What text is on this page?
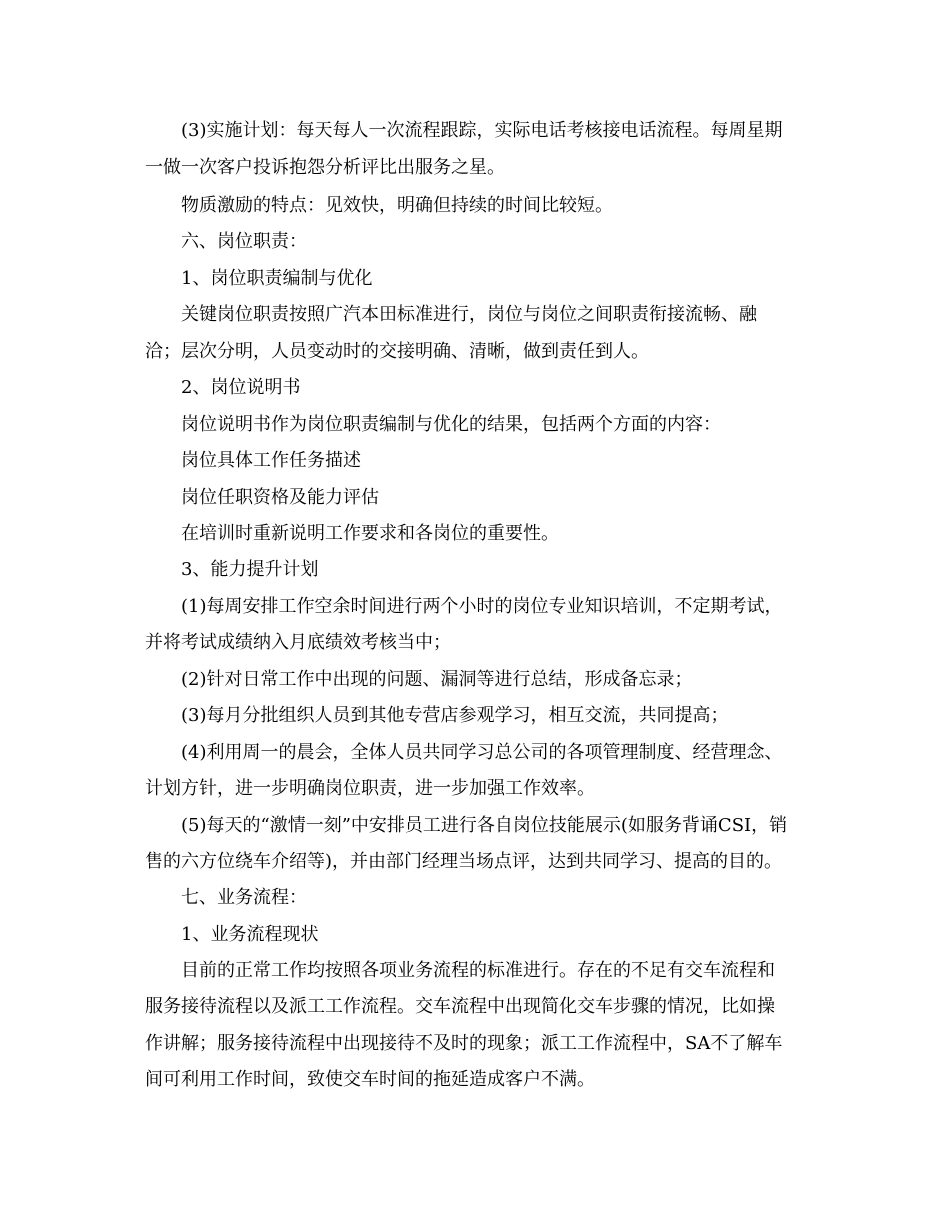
(3)实施计划：每天每人一次流程跟踪，实际电话考核接电话流程。每周星期
一做一次客户投诉抱怨分析评比出服务之星。
物质激励的特点：见效快，明确但持续的时间比较短。
六、岗位职责：
1、岗位职责编制与优化
关键岗位职责按照广汽本田标准进行，岗位与岗位之间职责衔接流畅、融
洽；层次分明，人员变动时的交接明确、清晰，做到责任到人。
2、岗位说明书
岗位说明书作为岗位职责编制与优化的结果，包括两个方面的内容：
岗位具体工作任务描述
岗位任职资格及能力评估
在培训时重新说明工作要求和各岗位的重要性。
3、能力提升计划
(1)每周安排工作空余时间进行两个小时的岗位专业知识培训，不定期考试，
并将考试成绩纳入月底绩效考核当中；
(2)针对日常工作中出现的问题、漏洞等进行总结，形成备忘录；
(3)每月分批组织人员到其他专营店参观学习，相互交流，共同提高；
(4)利用周一的晨会，全体人员共同学习总公司的各项管理制度、经营理念、
计划方针，进一步明确岗位职责，进一步加强工作效率。
(5)每天的“激情一刻”中安排员工进行各自岗位技能展示(如服务背诵CSI，销
售的六方位绕车介绍等)，并由部门经理当场点评，达到共同学习、提高的目的。
七、业务流程：
1、业务流程现状
目前的正常工作均按照各项业务流程的标准进行。存在的不足有交车流程和
服务接待流程以及派工工作流程。交车流程中出现简化交车步骤的情况，比如操
作讲解；服务接待流程中出现接待不及时的现象；派工工作流程中，SA不了解车
间可利用工作时间，致使交车时间的拖延造成客户不满。
